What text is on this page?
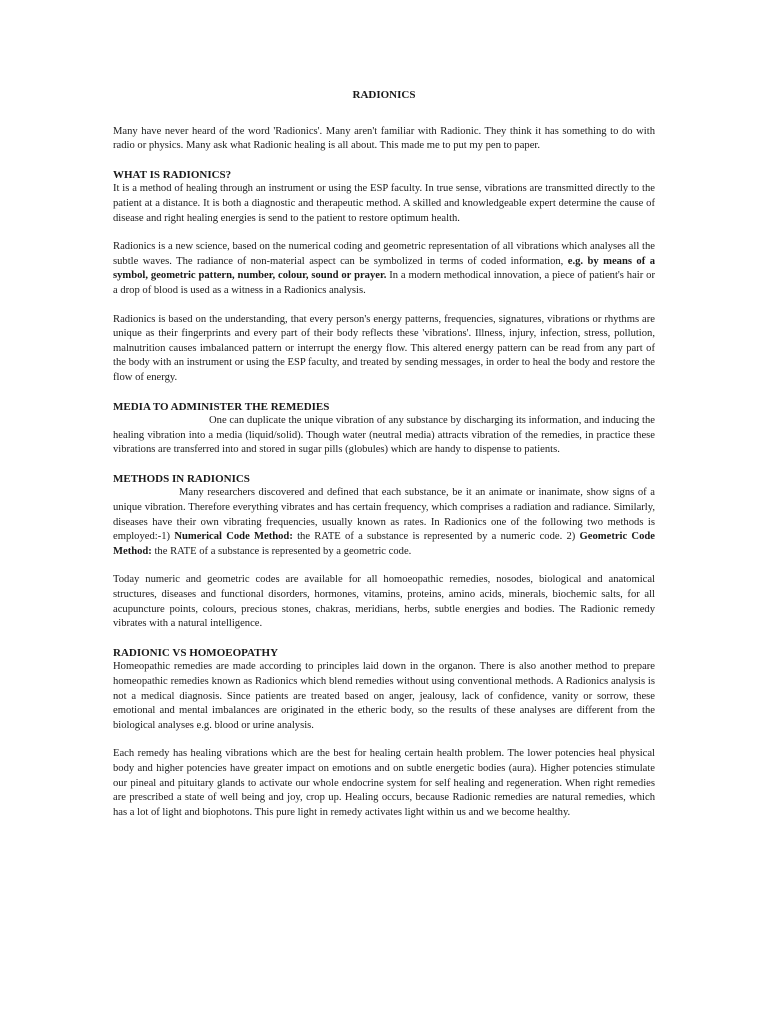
RADIONICS

Many have never heard of the word 'Radionics'. Many aren't familiar with Radionic. They think it has something to do with radio or physics. Many ask what Radionic healing is all about. This made me to put my pen to paper.

WHAT IS RADIONICS?

It is a method of healing through an instrument or using the ESP faculty. In true sense, vibrations are transmitted directly to the patient at a distance. It is both a diagnostic and therapeutic method. A skilled and knowledgeable expert determine the cause of disease and right healing energies is send to the patient to restore optimum health.

Radionics is a new science, based on the numerical coding and geometric representation of all vibrations which analyses all the subtle waves. The radiance of non-material aspect can be symbolized in terms of coded information, e.g. by means of a symbol, geometric pattern, number, colour, sound or prayer. In a modern methodical innovation, a piece of patient's hair or a drop of blood is used as a witness in a Radionics analysis.

Radionics is based on the understanding, that every person's energy patterns, frequencies, signatures, vibrations or rhythms are unique as their fingerprints and every part of their body reflects these 'vibrations'. Illness, injury, infection, stress, pollution, malnutrition causes imbalanced pattern or interrupt the energy flow. This altered energy pattern can be read from any part of the body with an instrument or using the ESP faculty, and treated by sending messages, in order to heal the body and restore the flow of energy.

MEDIA TO ADMINISTER THE REMEDIES

One can duplicate the unique vibration of any substance by discharging its information, and inducing the healing vibration into a media (liquid/solid). Though water (neutral media) attracts vibration of the remedies, in practice these vibrations are transferred into and stored in sugar pills (globules) which are handy to dispense to patients.

METHODS IN RADIONICS

Many researchers discovered and defined that each substance, be it an animate or inanimate, show signs of a unique vibration. Therefore everything vibrates and has certain frequency, which comprises a radiation and radiance. Similarly, diseases have their own vibrating frequencies, usually known as rates. In Radionics one of the following two methods is employed:-1) Numerical Code Method: the RATE of a substance is represented by a numeric code. 2) Geometric Code Method: the RATE of a substance is represented by a geometric code.

Today numeric and geometric codes are available for all homoeopathic remedies, nosodes, biological and anatomical structures, diseases and functional disorders, hormones, vitamins, proteins, amino acids, minerals, biochemic salts, for all acupuncture points, colours, precious stones, chakras, meridians, herbs, subtle energies and bodies. The Radionic remedy vibrates with a natural intelligence.

RADIONIC VS HOMOEOPATHY

Homeopathic remedies are made according to principles laid down in the organon. There is also another method to prepare homeopathic remedies known as Radionics which blend remedies without using conventional methods. A Radionics analysis is not a medical diagnosis. Since patients are treated based on anger, jealousy, lack of confidence, vanity or sorrow, these emotional and mental imbalances are originated in the etheric body, so the results of these analyses are different from the biological analyses e.g. blood or urine analysis.

Each remedy has healing vibrations which are the best for healing certain health problem. The lower potencies heal physical body and higher potencies have greater impact on emotions and on subtle energetic bodies (aura). Higher potencies stimulate our pineal and pituitary glands to activate our whole endocrine system for self healing and regeneration. When right remedies are prescribed a state of well being and joy, crop up. Healing occurs, because Radionic remedies are natural remedies, which has a lot of light and biophotons. This pure light in remedy activates light within us and we become healthy.
